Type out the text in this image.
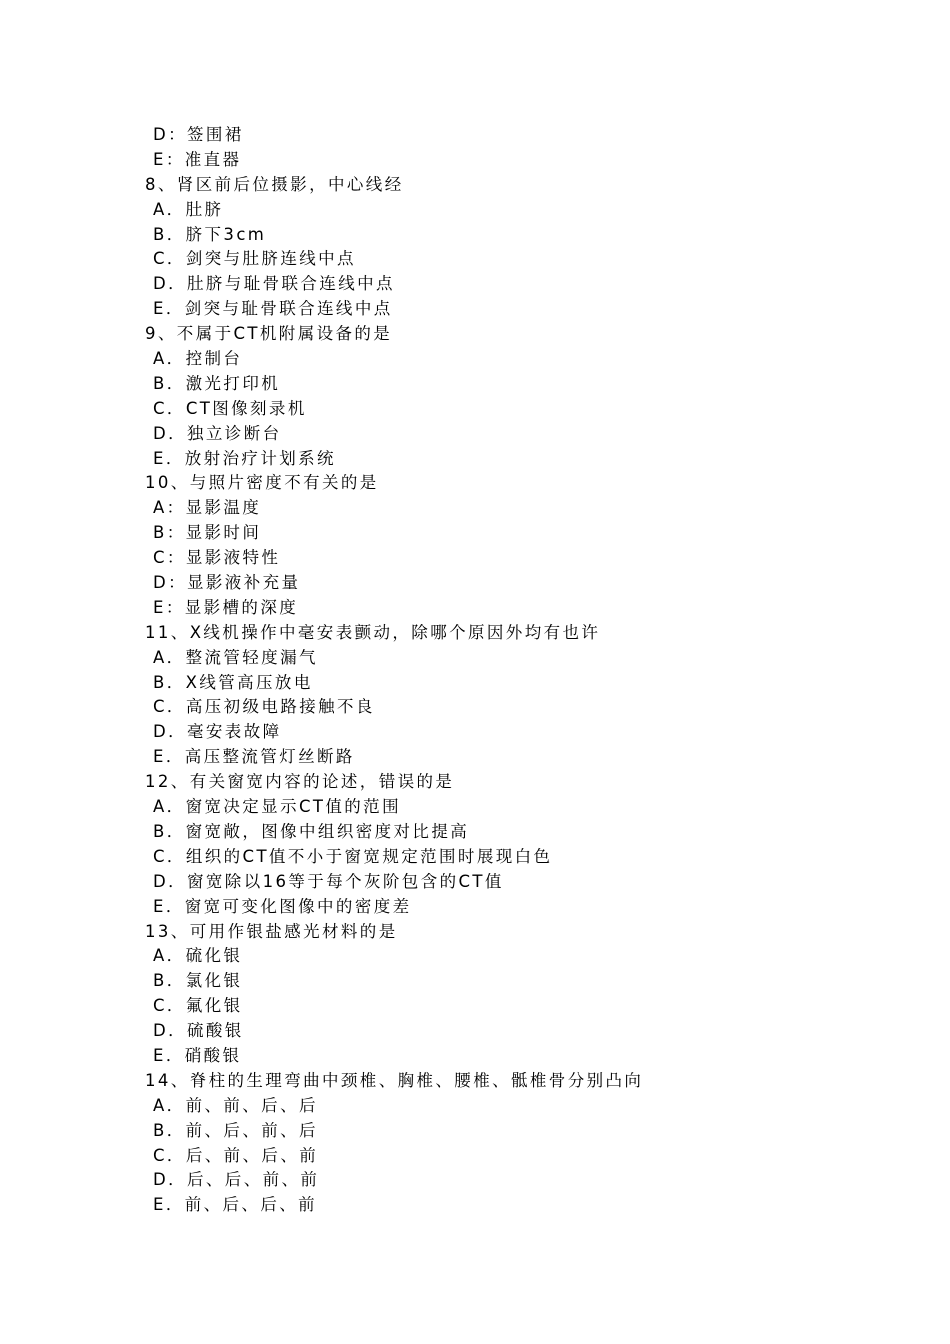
D：签围裙
E：准直器
8、肾区前后位摄影，中心线经
A．肚脐
B．脐下3cm
C．剑突与肚脐连线中点
D．肚脐与耻骨联合连线中点
E．剑突与耻骨联合连线中点
9、不属于CT机附属设备的是
A．控制台
B．激光打印机
C．CT图像刻录机
D．独立诊断台
E．放射治疗计划系统
10、与照片密度不有关的是
A：显影温度
B：显影时间
C：显影液特性
D：显影液补充量
E：显影槽的深度
11、X线机操作中毫安表颤动，除哪个原因外均有也许
A．整流管轻度漏气
B．X线管高压放电
C．高压初级电路接触不良
D．毫安表故障
E．高压整流管灯丝断路
12、有关窗宽内容的论述，错误的是
A．窗宽决定显示CT值的范围
B．窗宽敞，图像中组织密度对比提高
C．组织的CT值不小于窗宽规定范围时展现白色
D．窗宽除以16等于每个灰阶包含的CT值
E．窗宽可变化图像中的密度差
13、可用作银盐感光材料的是
A．硫化银
B．氯化银
C．氟化银
D．硫酸银
E．硝酸银
14、脊柱的生理弯曲中颈椎、胸椎、腰椎、骶椎骨分别凸向
A．前、前、后、后
B．前、后、前、后
C．后、前、后、前
D．后、后、前、前
E．前、后、后、前
